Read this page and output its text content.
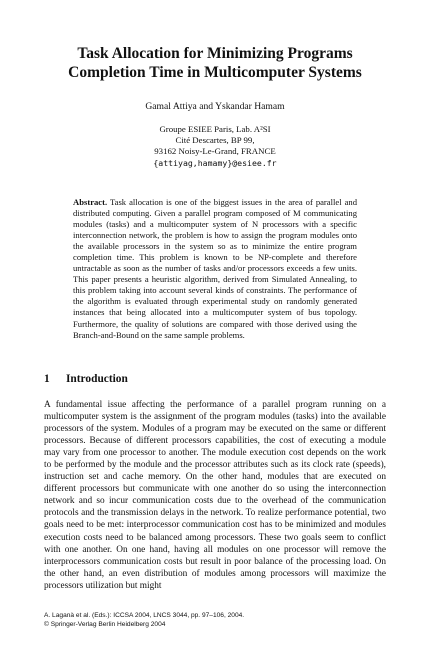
Task Allocation for Minimizing Programs
Completion Time in Multicomputer Systems
Gamal Attiya and Yskandar Hamam
Groupe ESIEE Paris, Lab. A²SI
Cité Descartes, BP 99,
93162 Noisy-Le-Grand, FRANCE
{attiyag,hamamy}@esiee.fr
Abstract. Task allocation is one of the biggest issues in the area of parallel and distributed computing. Given a parallel program composed of M communicating modules (tasks) and a multicomputer system of N processors with a specific interconnection network, the problem is how to assign the program modules onto the available processors in the system so as to minimize the entire program completion time. This problem is known to be NP-complete and therefore untractable as soon as the number of tasks and/or processors exceeds a few units. This paper presents a heuristic algorithm, derived from Simulated Annealing, to this problem taking into account several kinds of constraints. The performance of the algorithm is evaluated through experimental study on randomly generated instances that being allocated into a multicomputer system of bus topology. Furthermore, the quality of solutions are compared with those derived using the Branch-and-Bound on the same sample problems.
1 Introduction
A fundamental issue affecting the performance of a parallel program running on a multicomputer system is the assignment of the program modules (tasks) into the available processors of the system. Modules of a program may be executed on the same or different processors. Because of different processors capabilities, the cost of executing a module may vary from one processor to another. The module execution cost depends on the work to be performed by the module and the processor attributes such as its clock rate (speeds), instruction set and cache memory. On the other hand, modules that are executed on different processors but communicate with one another do so using the interconnection network and so incur communication costs due to the overhead of the communication protocols and the transmission delays in the network. To realize performance potential, two goals need to be met: interprocessor communication cost has to be minimized and modules execution costs need to be balanced among processors. These two goals seem to conflict with one another. On one hand, having all modules on one processor will remove the interprocessors communication costs but result in poor balance of the processing load. On the other hand, an even distribution of modules among processors will maximize the processors utilization but might
A. Laganà et al. (Eds.): ICCSA 2004, LNCS 3044, pp. 97–106, 2004.
© Springer-Verlag Berlin Heidelberg 2004
